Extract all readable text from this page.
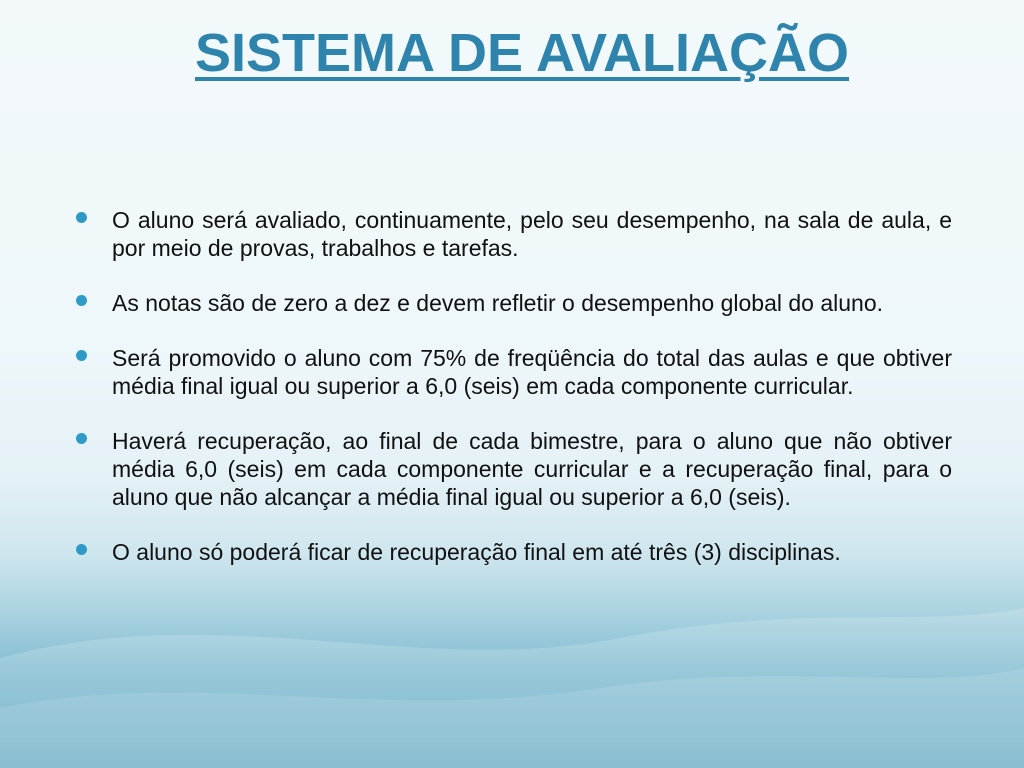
SISTEMA DE AVALIAÇÃO
O aluno será avaliado, continuamente, pelo seu desempenho, na sala de aula, e por meio de provas, trabalhos e tarefas.
As notas são de zero a dez e devem refletir o desempenho global do aluno.
Será promovido o aluno com 75% de freqüência do total das aulas e que obtiver média final igual ou superior a 6,0 (seis) em cada componente curricular.
Haverá recuperação, ao final de cada bimestre, para o aluno que não obtiver média 6,0 (seis) em cada componente curricular e a recuperação final, para o aluno que não alcançar a média final igual ou superior a 6,0 (seis).
O aluno só poderá ficar de recuperação final em até três (3) disciplinas.
